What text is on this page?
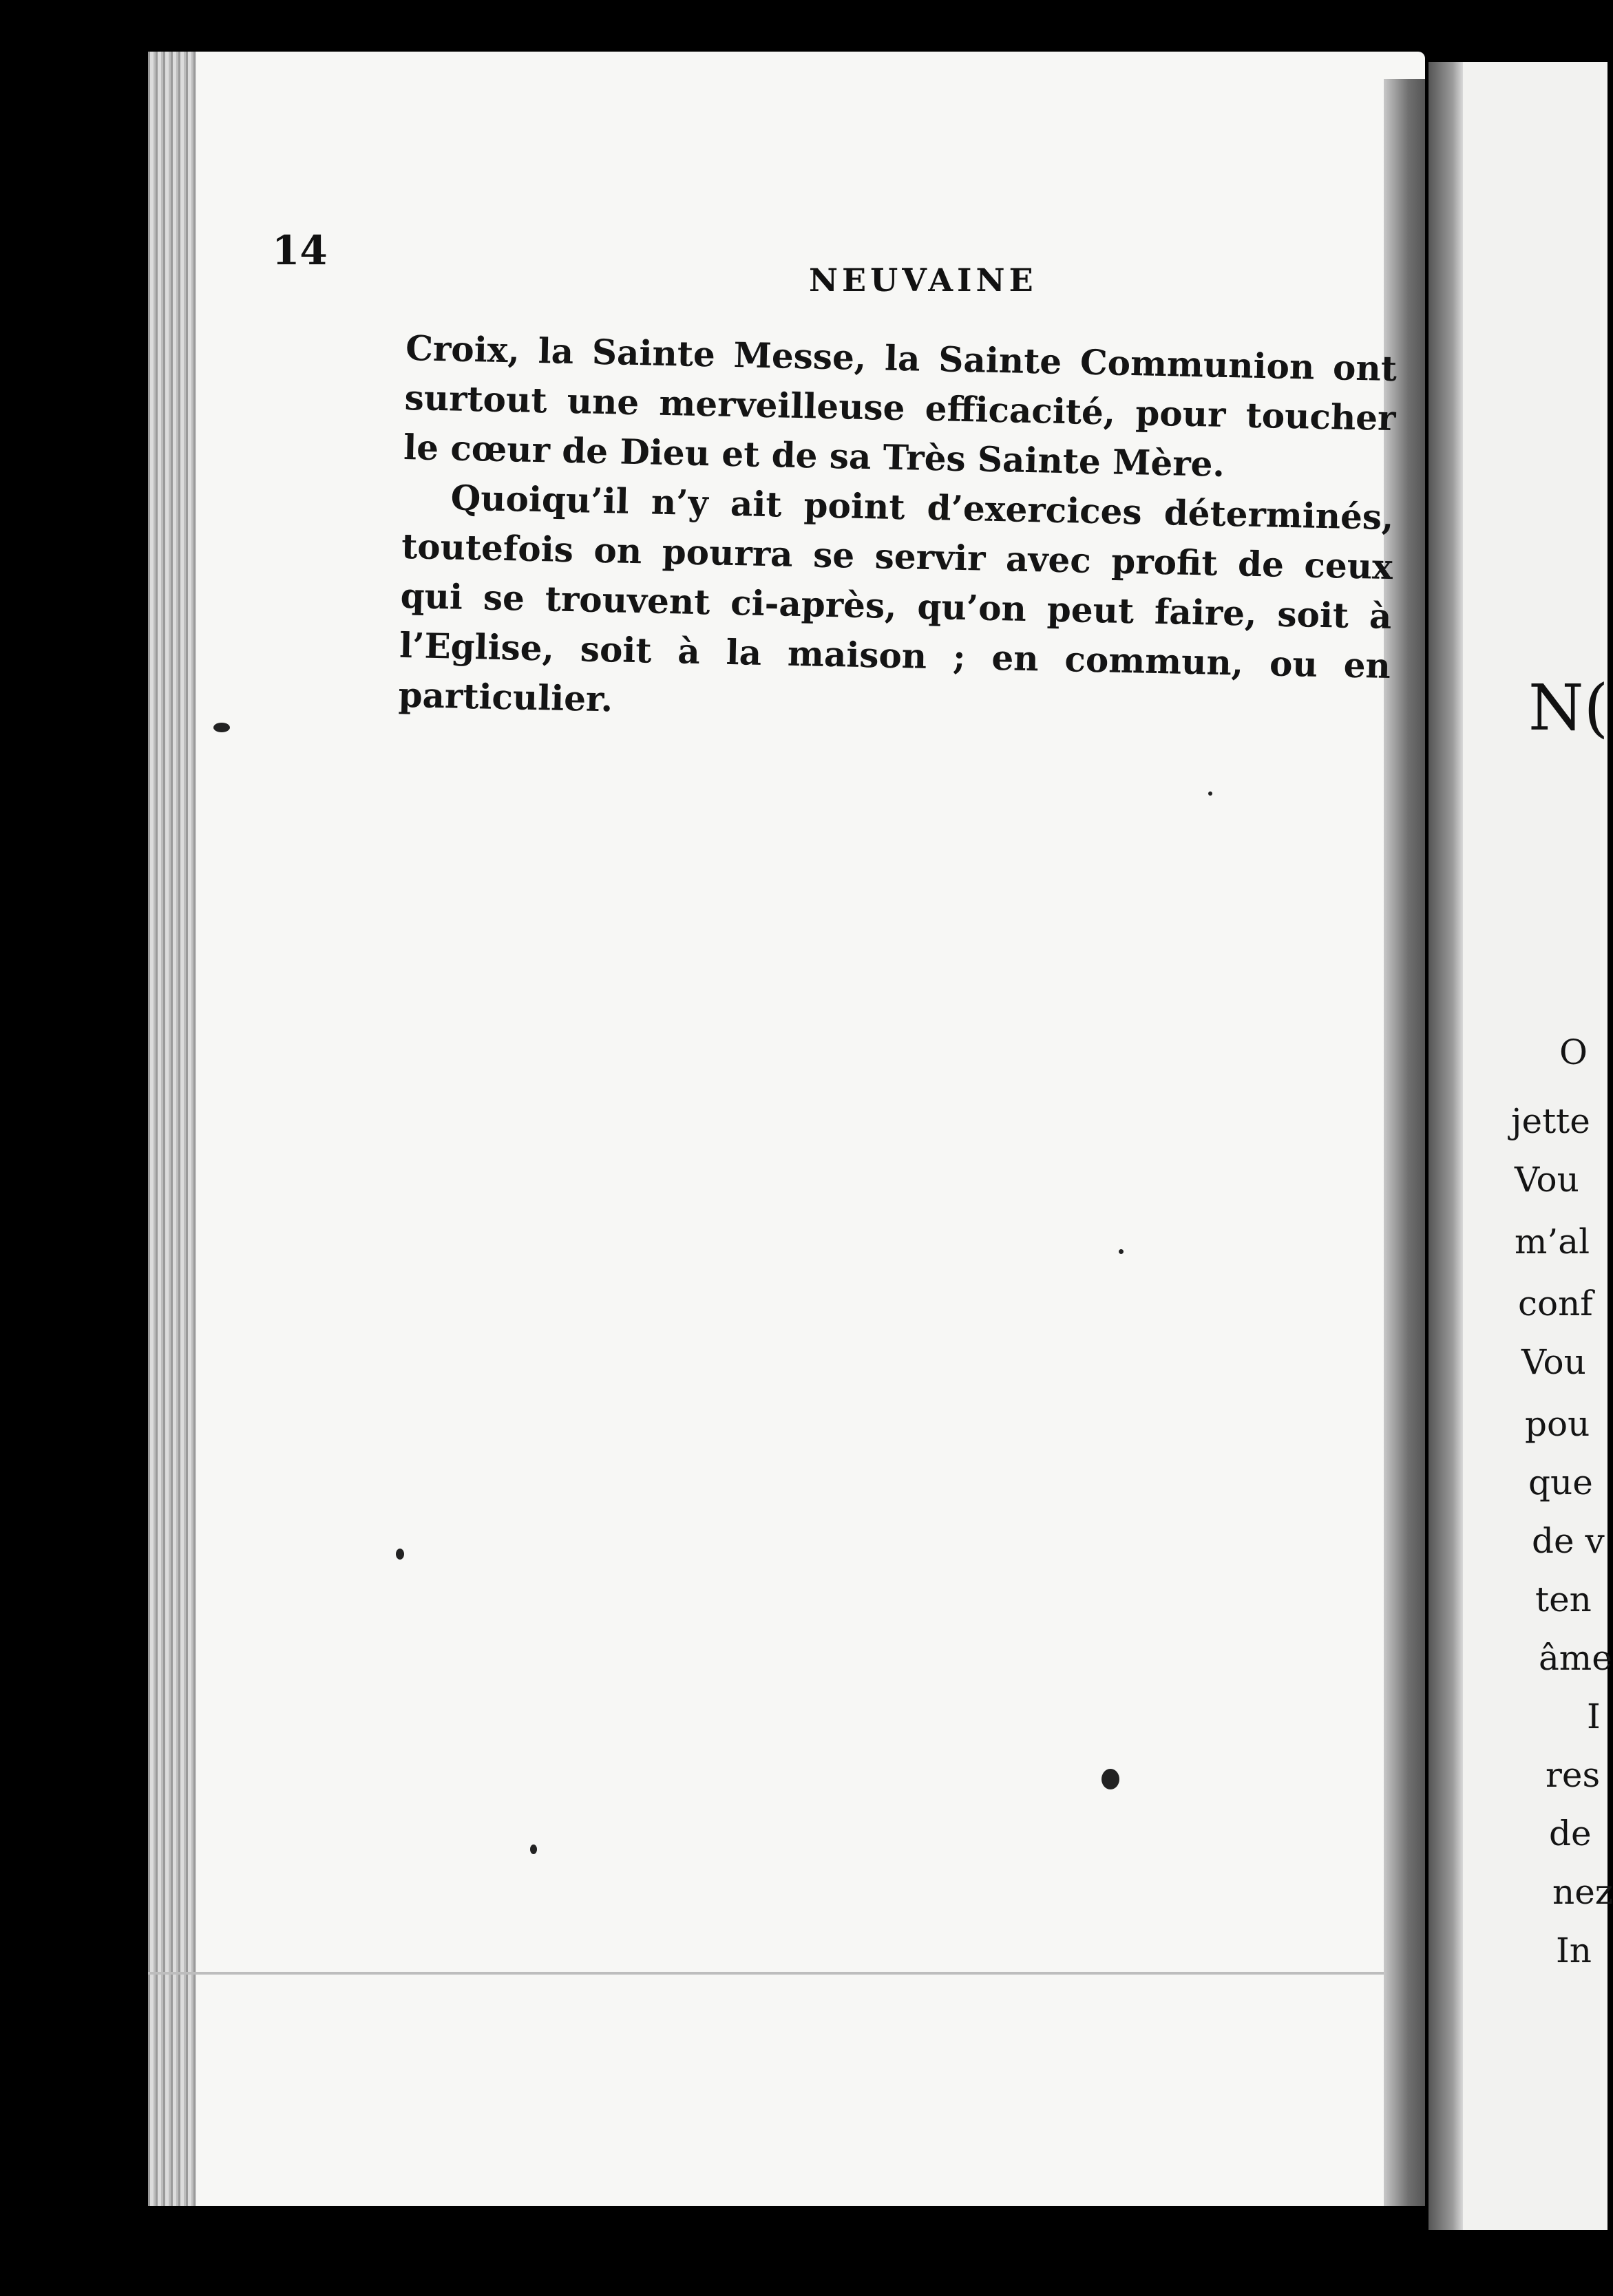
14
NEUVAINE

Croix, la Sainte Messe, la Sainte Communion ont surtout une merveilleuse efficacité, pour toucher le cœur de Dieu et de sa Très Sainte Mère.

Quoiqu’il n’y ait point d’exercices déterminés, toutefois on pourra se servir avec profit de ceux qui se trouvent ci-après, qu’on peut faire, soit à l’Eglise, soit à la maison ; en commun, ou en particulier.	N(
O
jette
Vou
m’al
conf
Vou
pou
que
de v
ten
âme
I
res
de
nez
In
